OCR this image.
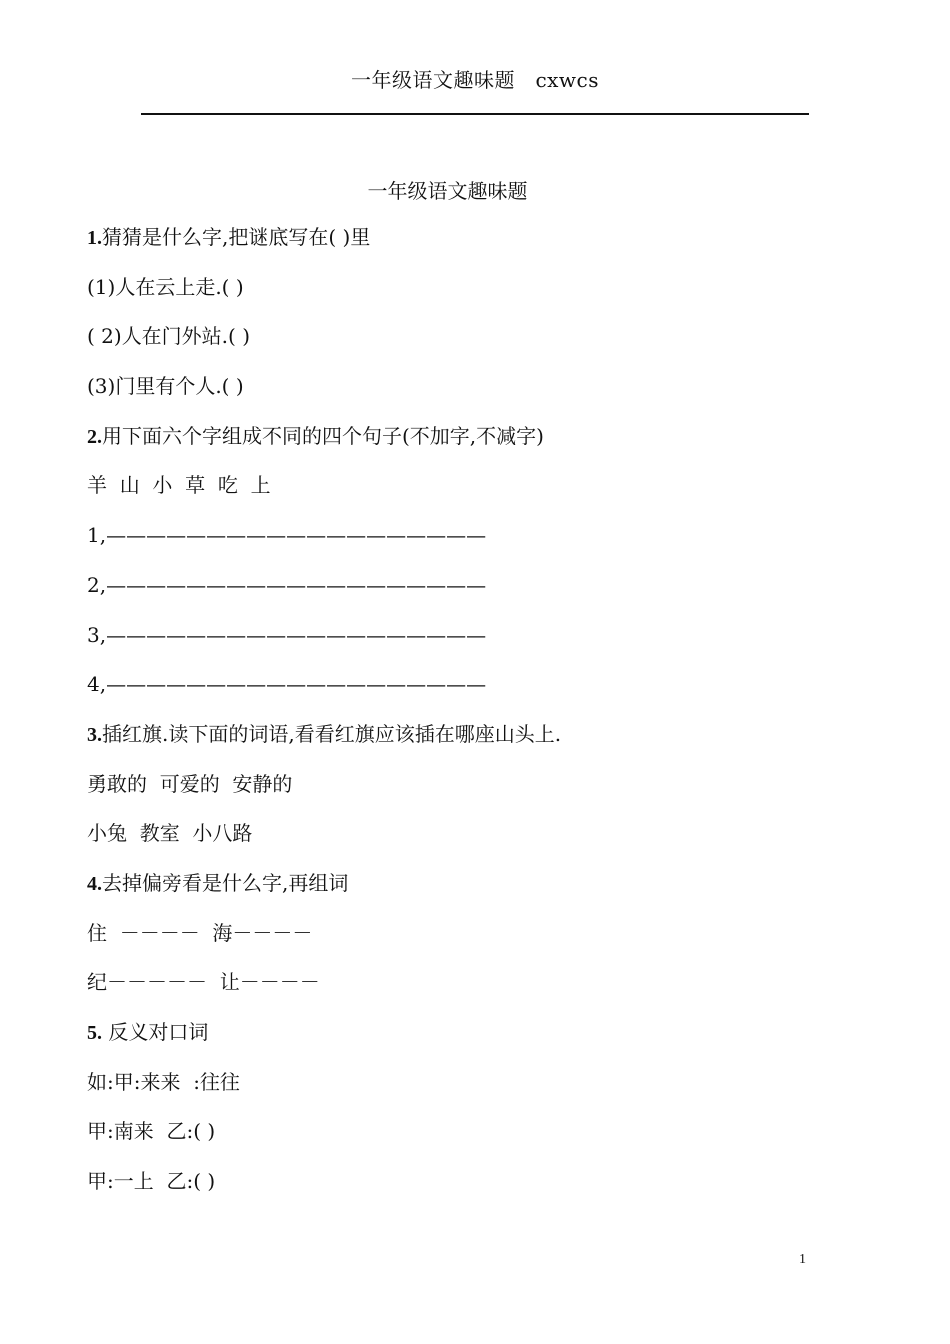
一年级语文趣味题　cxwcs
一年级语文趣味题
1.猜猜是什么字,把谜底写在( )里
(1)人在云上走.( )
( 2)人在门外站.( )
(3)门里有个人.( )
2.用下面六个字组成不同的四个句子(不加字,不减字)
羊  山  小  草  吃  上
1,———————————————————
2,———————————————————
3,———————————————————
4,———————————————————
3.插红旗.读下面的词语,看看红旗应该插在哪座山头上.
勇敢的  可爱的  安静的
小兔  教室  小八路
4.去掉偏旁看是什么字,再组词
住  －－－－  海－－－－
纪－－－－－  让－－－－
5. 反义对口词
如:甲:来来  :往往
甲:南来  乙:( )
甲:一上  乙:( )
1
